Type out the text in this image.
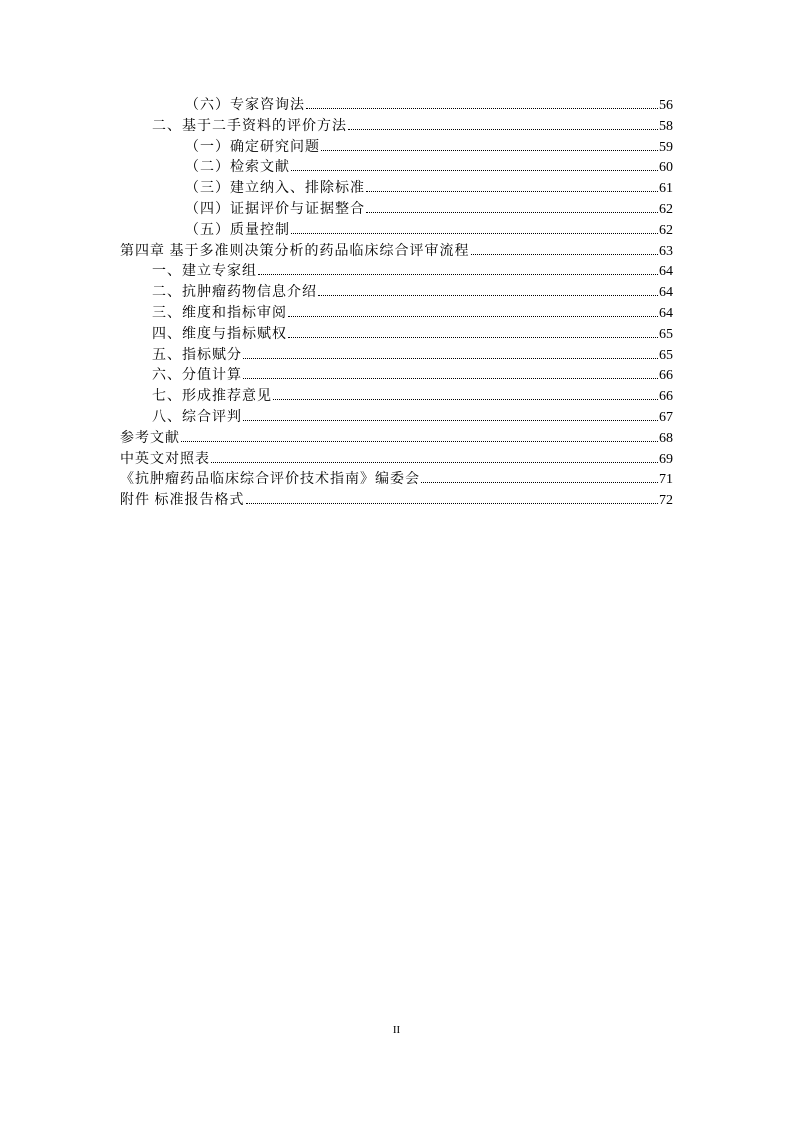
（六）专家咨询法	56
二、基于二手资料的评价方法	58
（一）确定研究问题	59
（二）检索文献	60
（三）建立纳入、排除标准	61
（四）证据评价与证据整合	62
（五）质量控制	62
第四章 基于多准则决策分析的药品临床综合评审流程	63
一、建立专家组	64
二、抗肿瘤药物信息介绍	64
三、维度和指标审阅	64
四、维度与指标赋权	65
五、指标赋分	65
六、分值计算	66
七、形成推荐意见	66
八、综合评判	67
参考文献	68
中英文对照表	69
《抗肿瘤药品临床综合评价技术指南》编委会	71
附件 标准报告格式	72
II
